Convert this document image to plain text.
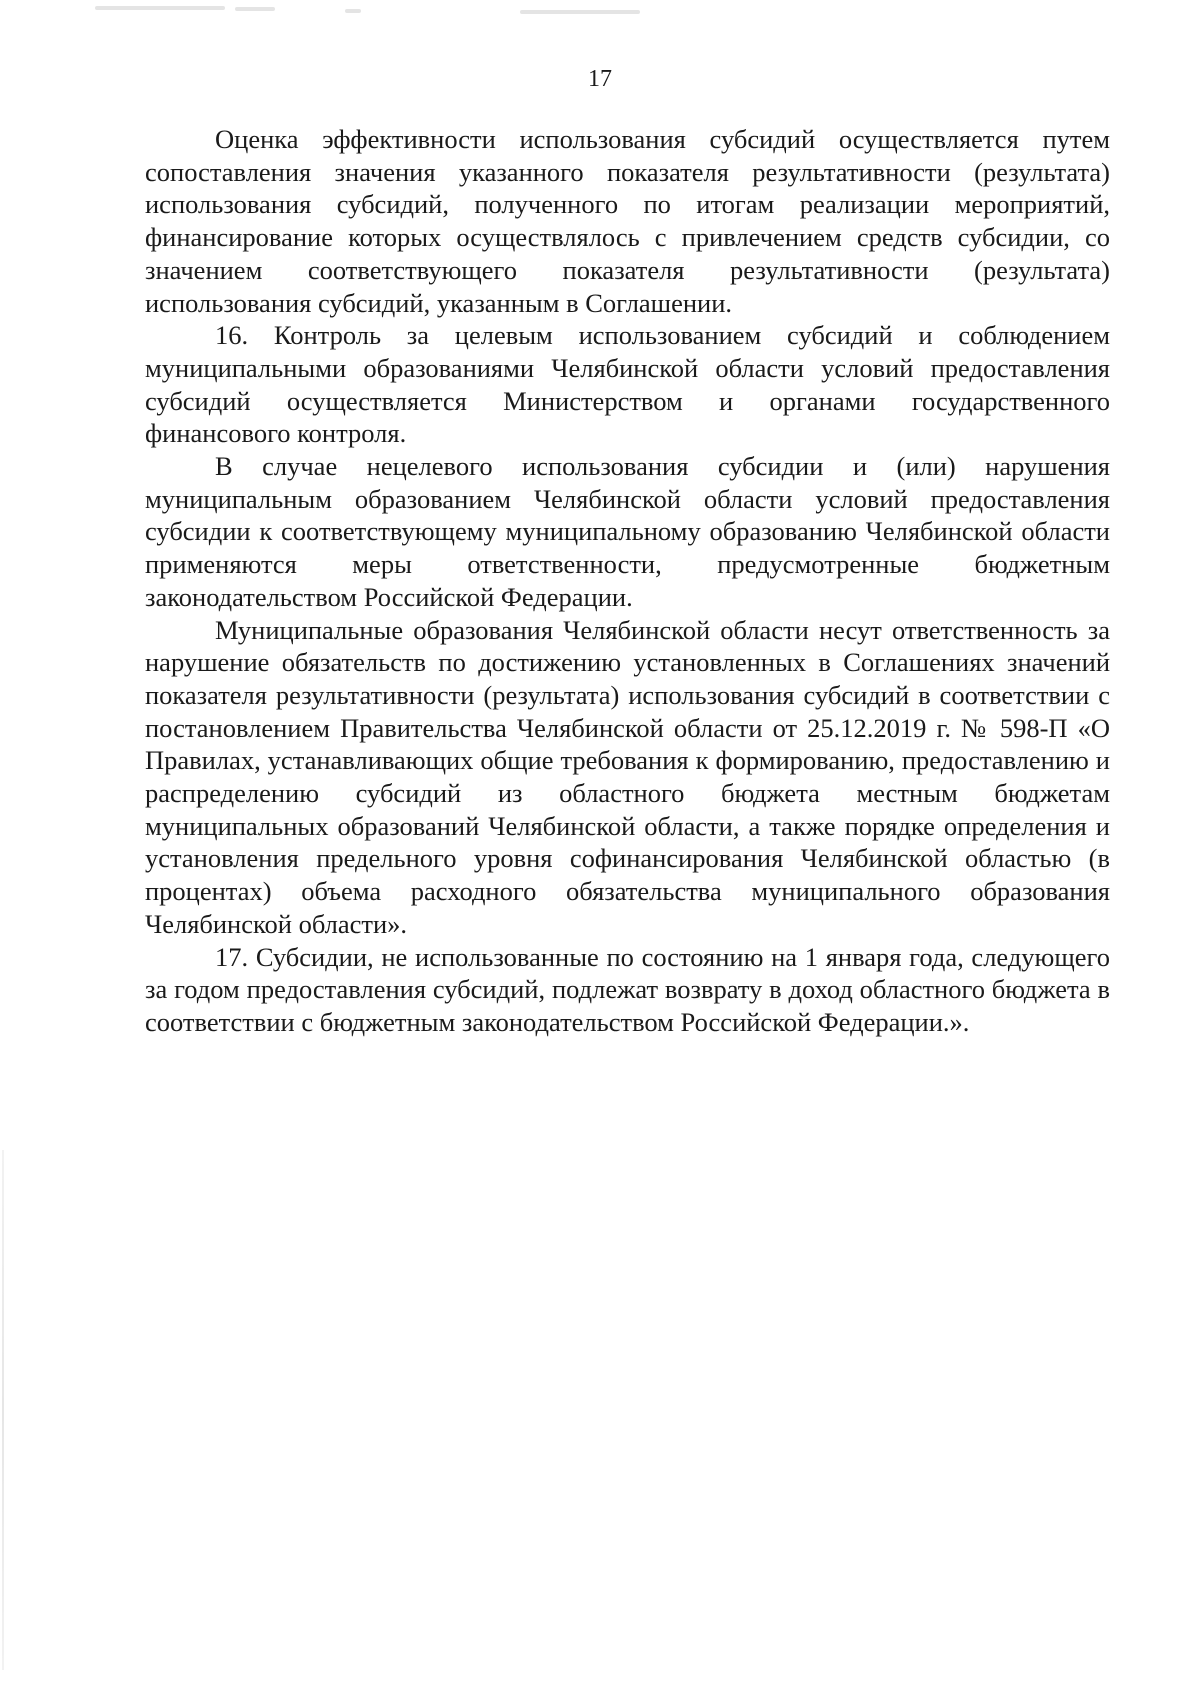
17

Оценка эффективности использования субсидий осуществляется путем сопоставления значения указанного показателя результативности (результата) использования субсидий, полученного по итогам реализации мероприятий, финансирование которых осуществлялось с привлечением средств субсидии, со значением соответствующего показателя результативности (результата) использования субсидий, указанным в Соглашении.

16. Контроль за целевым использованием субсидий и соблюдением муниципальными образованиями Челябинской области условий предоставления субсидий осуществляется Министерством и органами государственного финансового контроля.

В случае нецелевого использования субсидии и (или) нарушения муниципальным образованием Челябинской области условий предоставления субсидии к соответствующему муниципальному образованию Челябинской области применяются меры ответственности, предусмотренные бюджетным законодательством Российской Федерации.

Муниципальные образования Челябинской области несут ответственность за нарушение обязательств по достижению установленных в Соглашениях значений показателя результативности (результата) использования субсидий в соответствии с постановлением Правительства Челябинской области от 25.12.2019 г. № 598-П «О Правилах, устанавливающих общие требования к формированию, предоставлению и распределению субсидий из областного бюджета местным бюджетам муниципальных образований Челябинской области, а также порядке определения и установления предельного уровня софинансирования Челябинской областью (в процентах) объема расходного обязательства муниципального образования Челябинской области».

17. Субсидии, не использованные по состоянию на 1 января года, следующего за годом предоставления субсидий, подлежат возврату в доход областного бюджета в соответствии с бюджетным законодательством Российской Федерации.».
